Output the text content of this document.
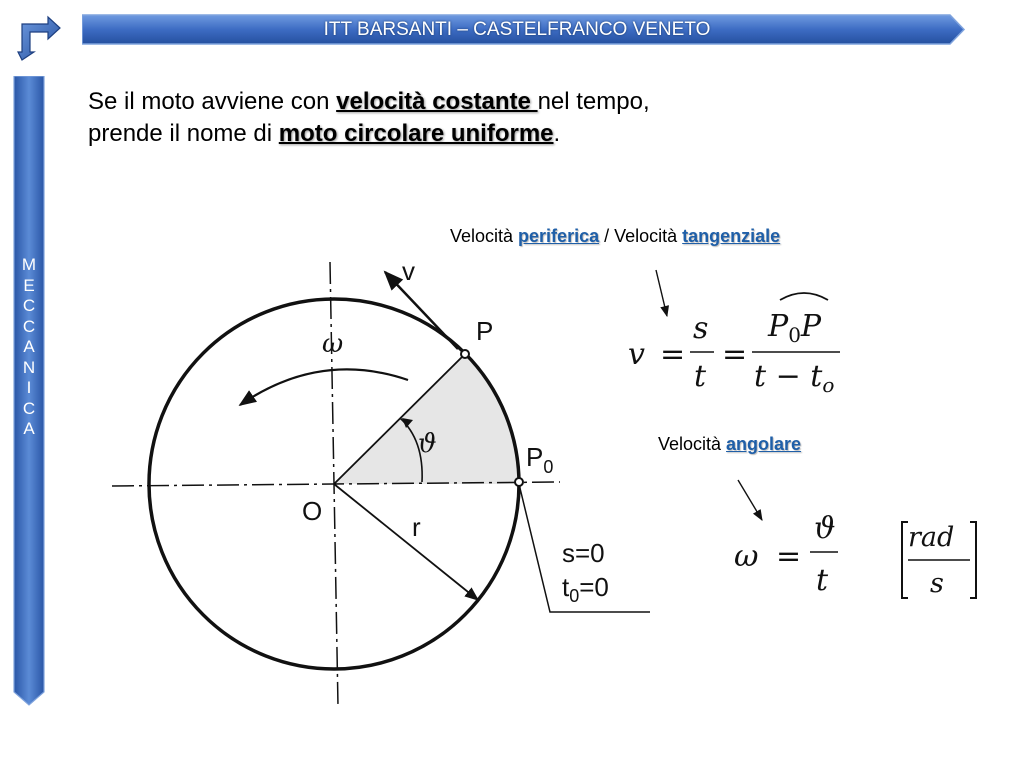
ITT BARSANTI – CASTELFRANCO VENETO
M
E
C
C
A
N
I
C
A
Se il moto avviene con velocità costante nel tempo,
prende il nome di moto circolare uniforme.
Velocità periferica / Velocità tangenziale
Velocità angolare
v
P
$P_0$
ω
ϑ
O
r
s=0
$t_0=0$
v =
s
t
=
$P_0P$
$t - t_o$
ω =
ϑ
t
rad
s
